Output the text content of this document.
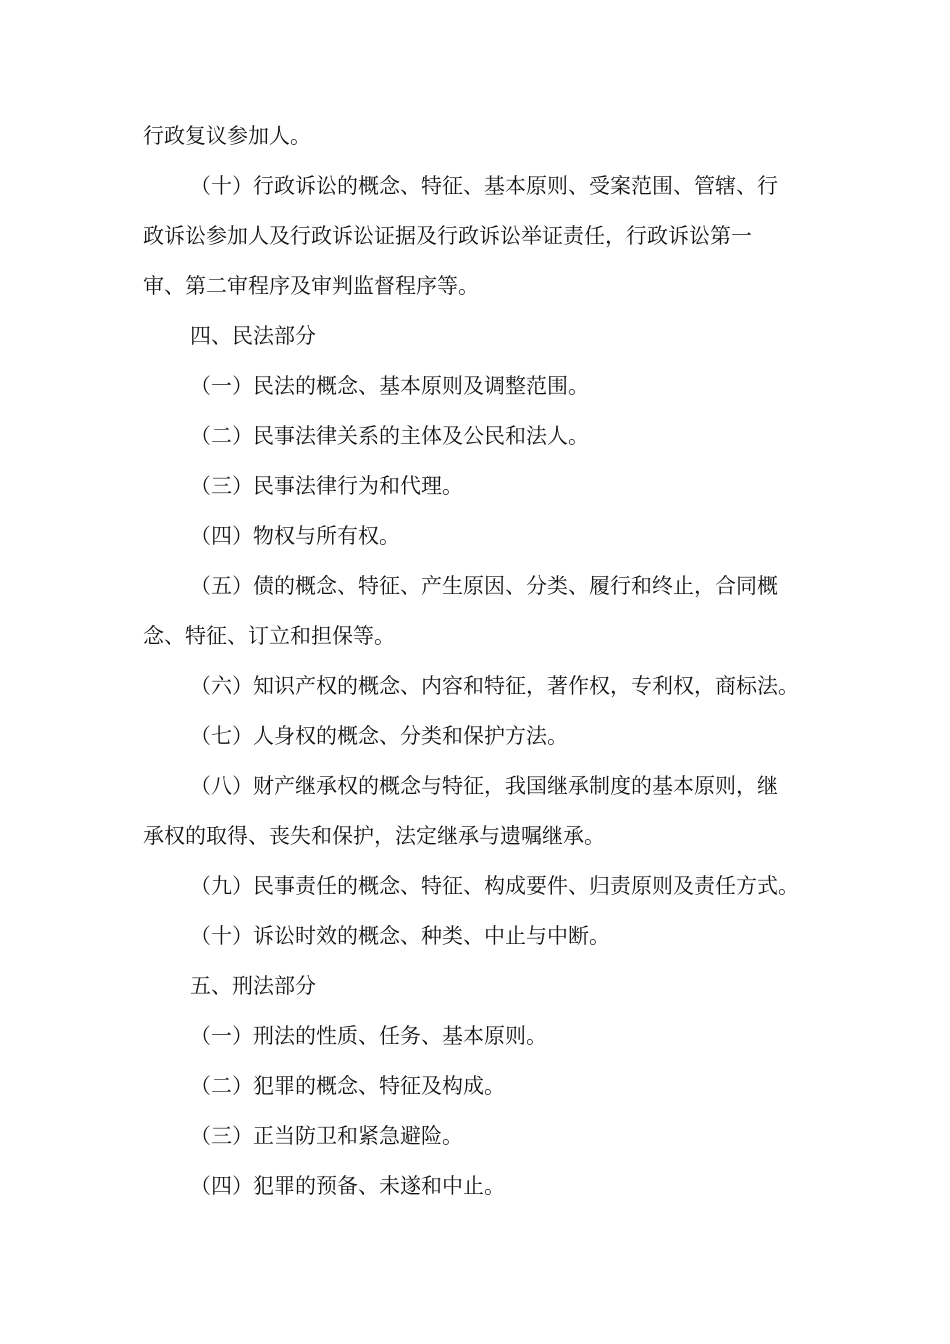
行政复议参加人。
（十）行政诉讼的概念、特征、基本原则、受案范围、管辖、行
政诉讼参加人及行政诉讼证据及行政诉讼举证责任，行政诉讼第一
审、第二审程序及审判监督程序等。
四、民法部分
（一）民法的概念、基本原则及调整范围。
（二）民事法律关系的主体及公民和法人。
（三）民事法律行为和代理。
（四）物权与所有权。
（五）债的概念、特征、产生原因、分类、履行和终止，合同概
念、特征、订立和担保等。
（六）知识产权的概念、内容和特征，著作权，专利权，商标法。
（七）人身权的概念、分类和保护方法。
（八）财产继承权的概念与特征，我国继承制度的基本原则，继
承权的取得、丧失和保护，法定继承与遗嘱继承。
（九）民事责任的概念、特征、构成要件、归责原则及责任方式。
（十）诉讼时效的概念、种类、中止与中断。
五、刑法部分
（一）刑法的性质、任务、基本原则。
（二）犯罪的概念、特征及构成。
（三）正当防卫和紧急避险。
（四）犯罪的预备、未遂和中止。
